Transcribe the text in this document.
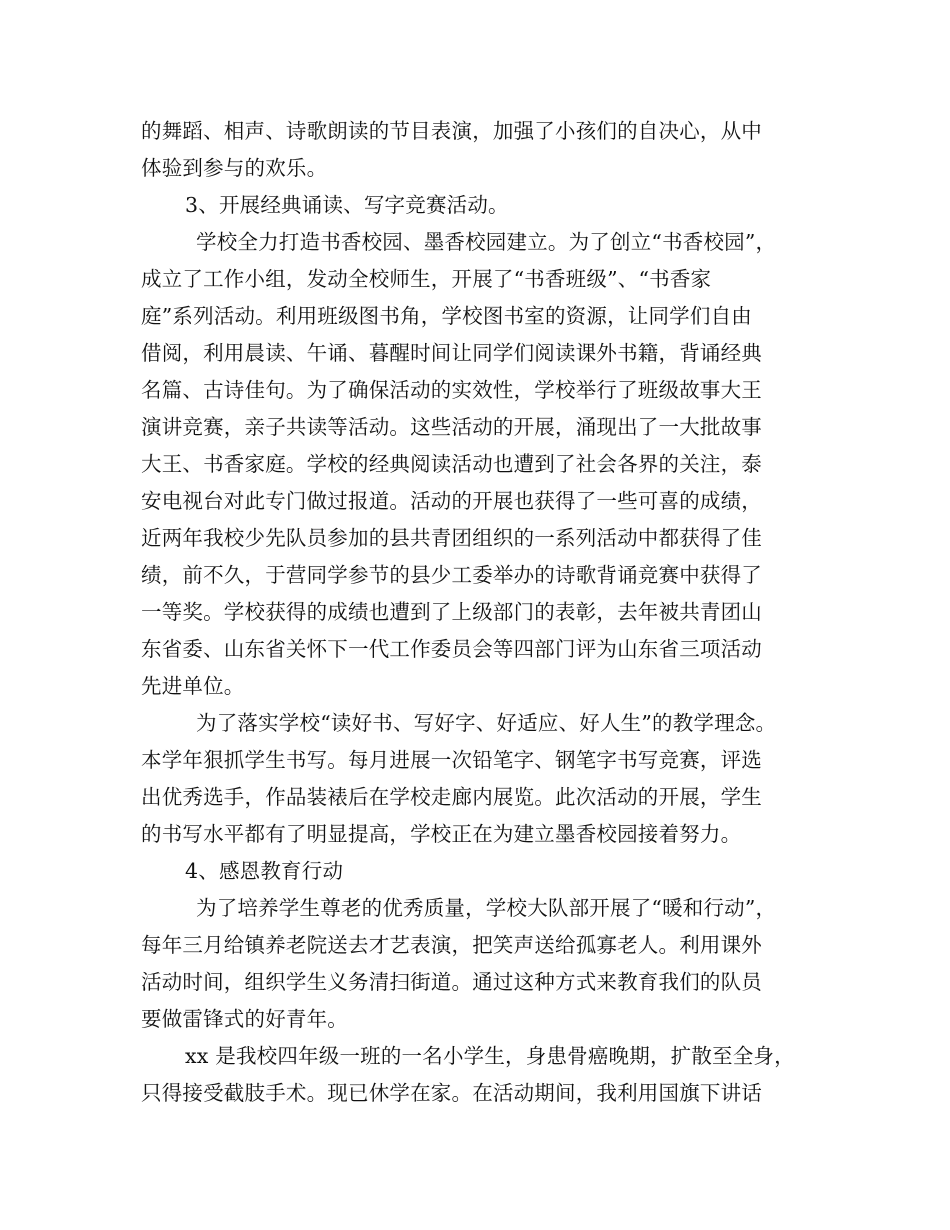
的舞蹈、相声、诗歌朗读的节目表演，加强了小孩们的自决心，从中
体验到参与的欢乐。
3、开展经典诵读、写字竞赛活动。
学校全力打造书香校园、墨香校园建立。为了创立“书香校园”，
成立了工作小组，发动全校师生，开展了“书香班级”、“书香家
庭”系列活动。利用班级图书角，学校图书室的资源，让同学们自由
借阅，利用晨读、午诵、暮醒时间让同学们阅读课外书籍，背诵经典
名篇、古诗佳句。为了确保活动的实效性，学校举行了班级故事大王
演讲竞赛，亲子共读等活动。这些活动的开展，涌现出了一大批故事
大王、书香家庭。学校的经典阅读活动也遭到了社会各界的关注，泰
安电视台对此专门做过报道。活动的开展也获得了一些可喜的成绩，
近两年我校少先队员参加的县共青团组织的一系列活动中都获得了佳
绩，前不久，于营同学参节的县少工委举办的诗歌背诵竞赛中获得了
一等奖。学校获得的成绩也遭到了上级部门的表彰，去年被共青团山
东省委、山东省关怀下一代工作委员会等四部门评为山东省三项活动
先进单位。
为了落实学校“读好书、写好字、好适应、好人生”的教学理念。
本学年狠抓学生书写。每月进展一次铅笔字、钢笔字书写竞赛，评选
出优秀选手，作品装裱后在学校走廊内展览。此次活动的开展，学生
的书写水平都有了明显提高，学校正在为建立墨香校园接着努力。
4、感恩教育行动
为了培养学生尊老的优秀质量，学校大队部开展了“暖和行动”，
每年三月给镇养老院送去才艺表演，把笑声送给孤寡老人。利用课外
活动时间，组织学生义务清扫街道。通过这种方式来教育我们的队员
要做雷锋式的好青年。
xx 是我校四年级一班的一名小学生，身患骨癌晚期，扩散至全身，
只得接受截肢手术。现已休学在家。在活动期间，我利用国旗下讲话
